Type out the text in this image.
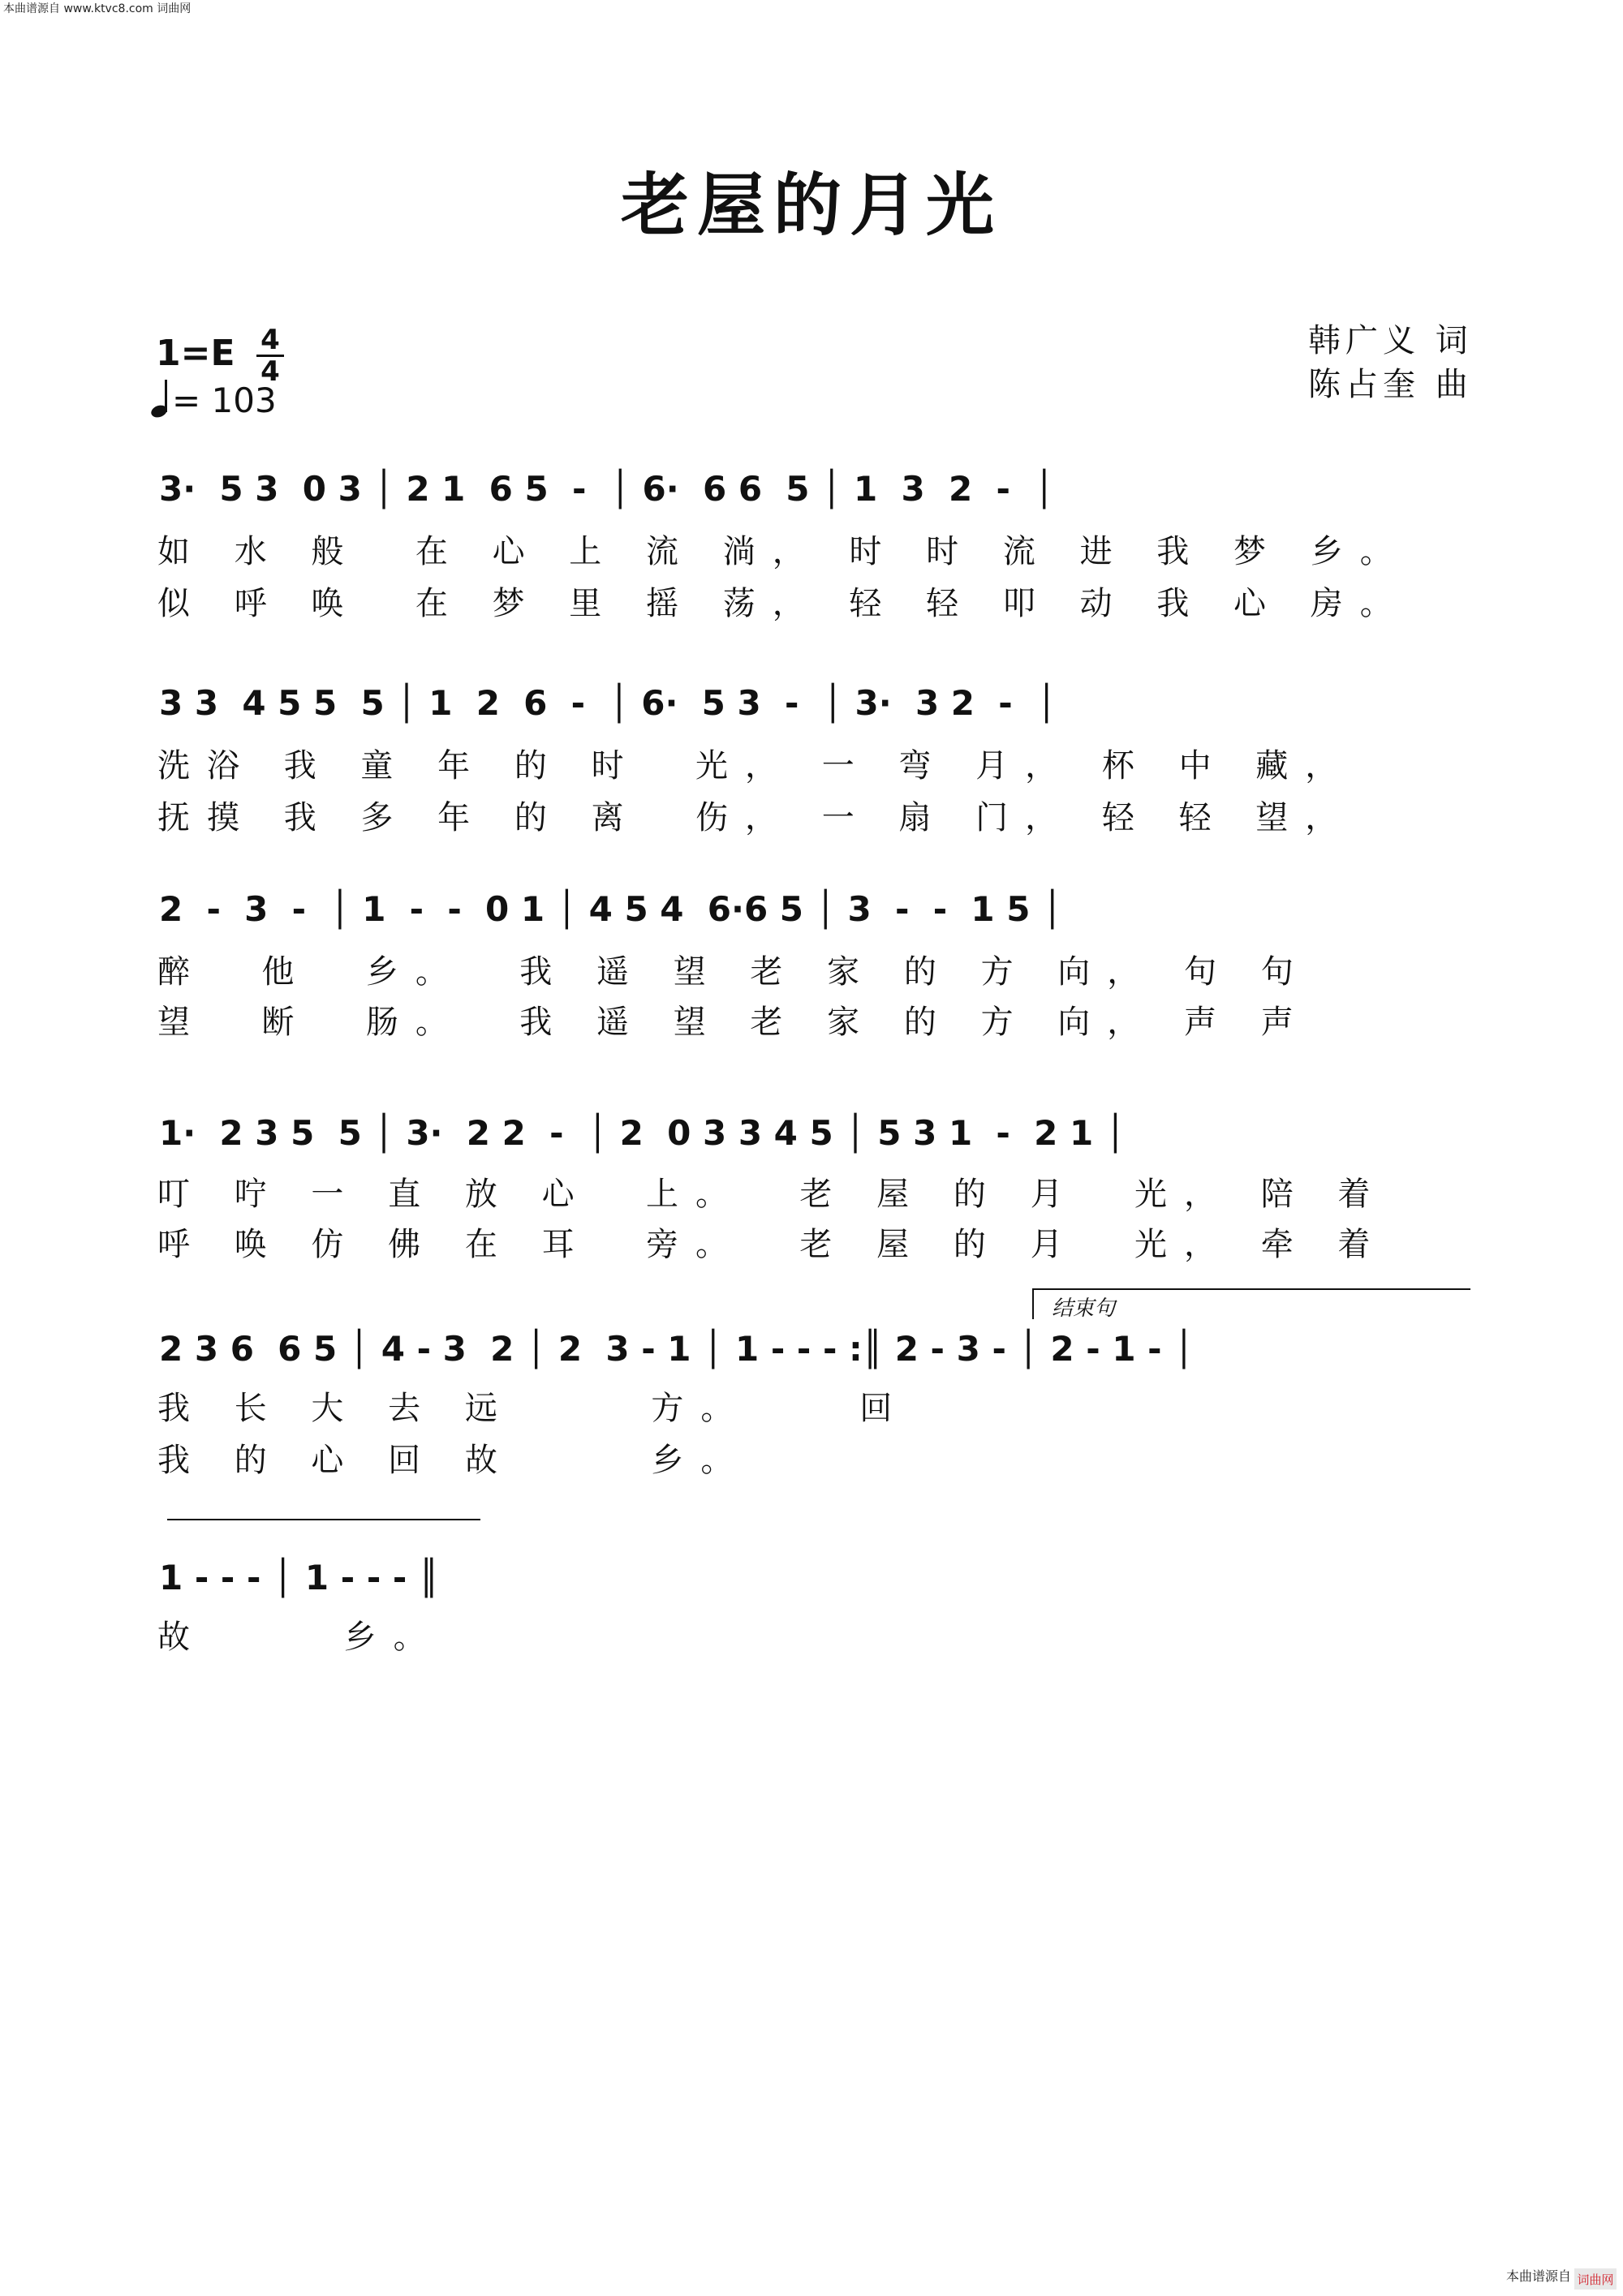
本曲谱源自 www.ktvc8.com 词曲网
老屋的月光
韩广义 词
陈占奎 曲
1=E 4
4
= 103
3·  5 3  0 3 │ 2 1  6 5  -  │ 6·  6 6  5 │ 1  3  2  -  │
如 水 般  在 心 上 流 淌， 时 时 流 进 我 梦 乡。
似 呼 唤  在 梦 里 摇 荡， 轻 轻 叩 动 我 心 房。
3 3  4 5 5  5 │ 1  2  6  -  │ 6·  5 3  -  │ 3·  3 2  -  │
洗浴 我 童 年 的 时  光， 一 弯 月， 杯 中 藏，
抚摸 我 多 年 的 离  伤， 一 扇 门， 轻 轻 望，
2  -  3  -  │ 1  -  -  0 1 │ 4 5 4  6·6 5 │ 3  -  -  1 5 │
醉  他  乡。  我 遥 望 老 家 的 方 向， 句 句
望  断  肠。  我 遥 望 老 家 的 方 向， 声 声
1·  2 3 5  5 │ 3·  2 2  -  │ 2  0 3 3 4 5 │ 5 3 1  -  2 1 │
叮 咛 一 直 放 心  上。  老 屋 的 月  光， 陪 着
呼 唤 仿 佛 在 耳  旁。  老 屋 的 月  光， 牵 着
结束句
2 3 6  6 5 │ 4 - 3  2 │ 2  3 - 1 │ 1 - - - :║ 2 - 3 - │ 2 - 1 - │
我 长 大 去 远     方。    回
我 的 心 回 故     乡。
1 - - - │ 1 - - - ║
故     乡。
本曲谱源自 词曲网
